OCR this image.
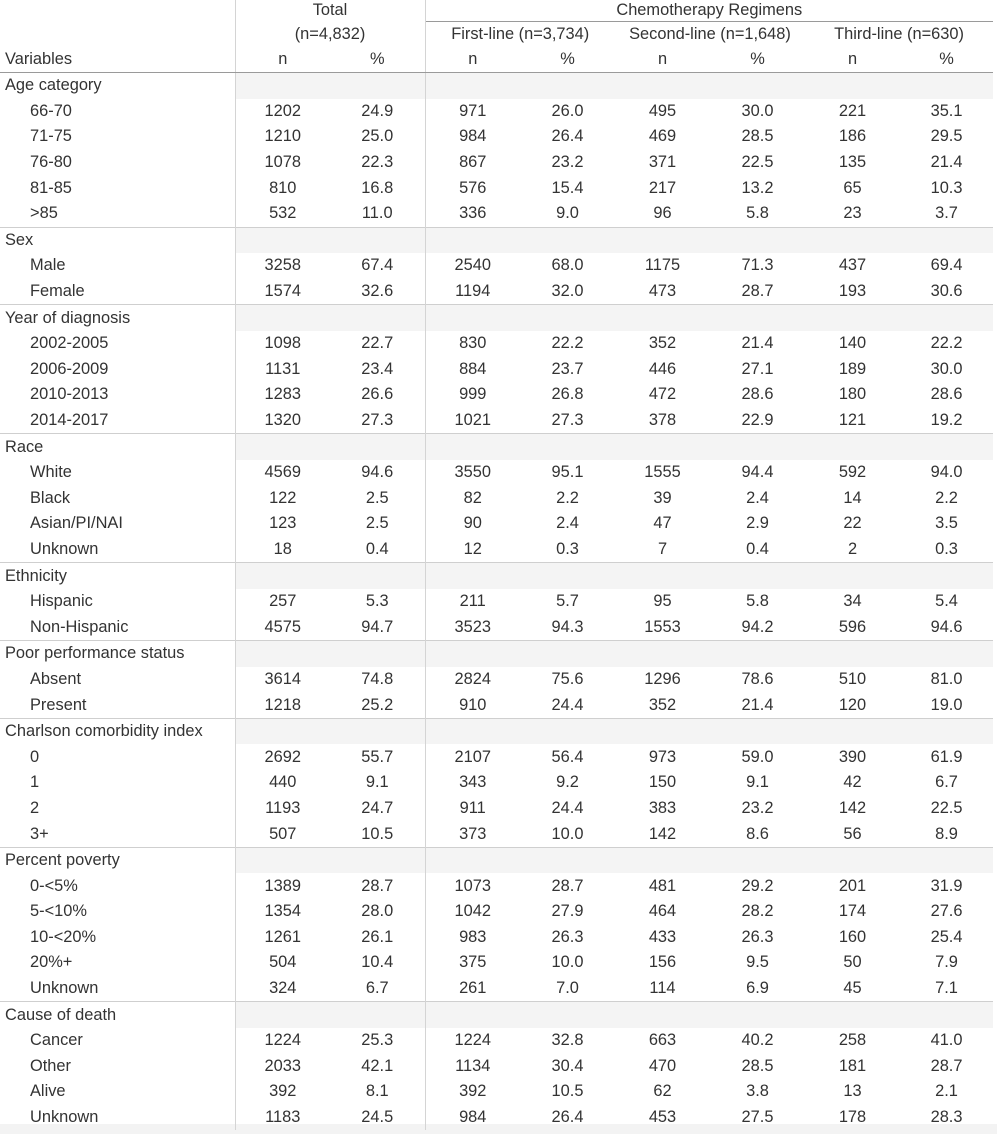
	Total		Chemotherapy Regimens					
	(n=4,832)		First-line (n=3,734)		Second-line (n=1,648)		Third-line (n=630)	
Variables	n	%	n	%	n	%	n	%
Age category								
66-70	1202	24.9	971	26.0	495	30.0	221	35.1
71-75	1210	25.0	984	26.4	469	28.5	186	29.5
76-80	1078	22.3	867	23.2	371	22.5	135	21.4
81-85	810	16.8	576	15.4	217	13.2	65	10.3
>85	532	11.0	336	9.0	96	5.8	23	3.7
Sex								
Male	3258	67.4	2540	68.0	1175	71.3	437	69.4
Female	1574	32.6	1194	32.0	473	28.7	193	30.6
Year of diagnosis								
2002-2005	1098	22.7	830	22.2	352	21.4	140	22.2
2006-2009	1131	23.4	884	23.7	446	27.1	189	30.0
2010-2013	1283	26.6	999	26.8	472	28.6	180	28.6
2014-2017	1320	27.3	1021	27.3	378	22.9	121	19.2
Race								
White	4569	94.6	3550	95.1	1555	94.4	592	94.0
Black	122	2.5	82	2.2	39	2.4	14	2.2
Asian/PI/NAI	123	2.5	90	2.4	47	2.9	22	3.5
Unknown	18	0.4	12	0.3	7	0.4	2	0.3
Ethnicity								
Hispanic	257	5.3	211	5.7	95	5.8	34	5.4
Non-Hispanic	4575	94.7	3523	94.3	1553	94.2	596	94.6
Poor performance status								
Absent	3614	74.8	2824	75.6	1296	78.6	510	81.0
Present	1218	25.2	910	24.4	352	21.4	120	19.0
Charlson comorbidity index								
0	2692	55.7	2107	56.4	973	59.0	390	61.9
1	440	9.1	343	9.2	150	9.1	42	6.7
2	1193	24.7	911	24.4	383	23.2	142	22.5
3+	507	10.5	373	10.0	142	8.6	56	8.9
Percent poverty								
0-<5%	1389	28.7	1073	28.7	481	29.2	201	31.9
5-<10%	1354	28.0	1042	27.9	464	28.2	174	27.6
10-<20%	1261	26.1	983	26.3	433	26.3	160	25.4
20%+	504	10.4	375	10.0	156	9.5	50	7.9
Unknown	324	6.7	261	7.0	114	6.9	45	7.1
Cause of death								
Cancer	1224	25.3	1224	32.8	663	40.2	258	41.0
Other	2033	42.1	1134	30.4	470	28.5	181	28.7
Alive	392	8.1	392	10.5	62	3.8	13	2.1
Unknown	1183	24.5	984	26.4	453	27.5	178	28.3
